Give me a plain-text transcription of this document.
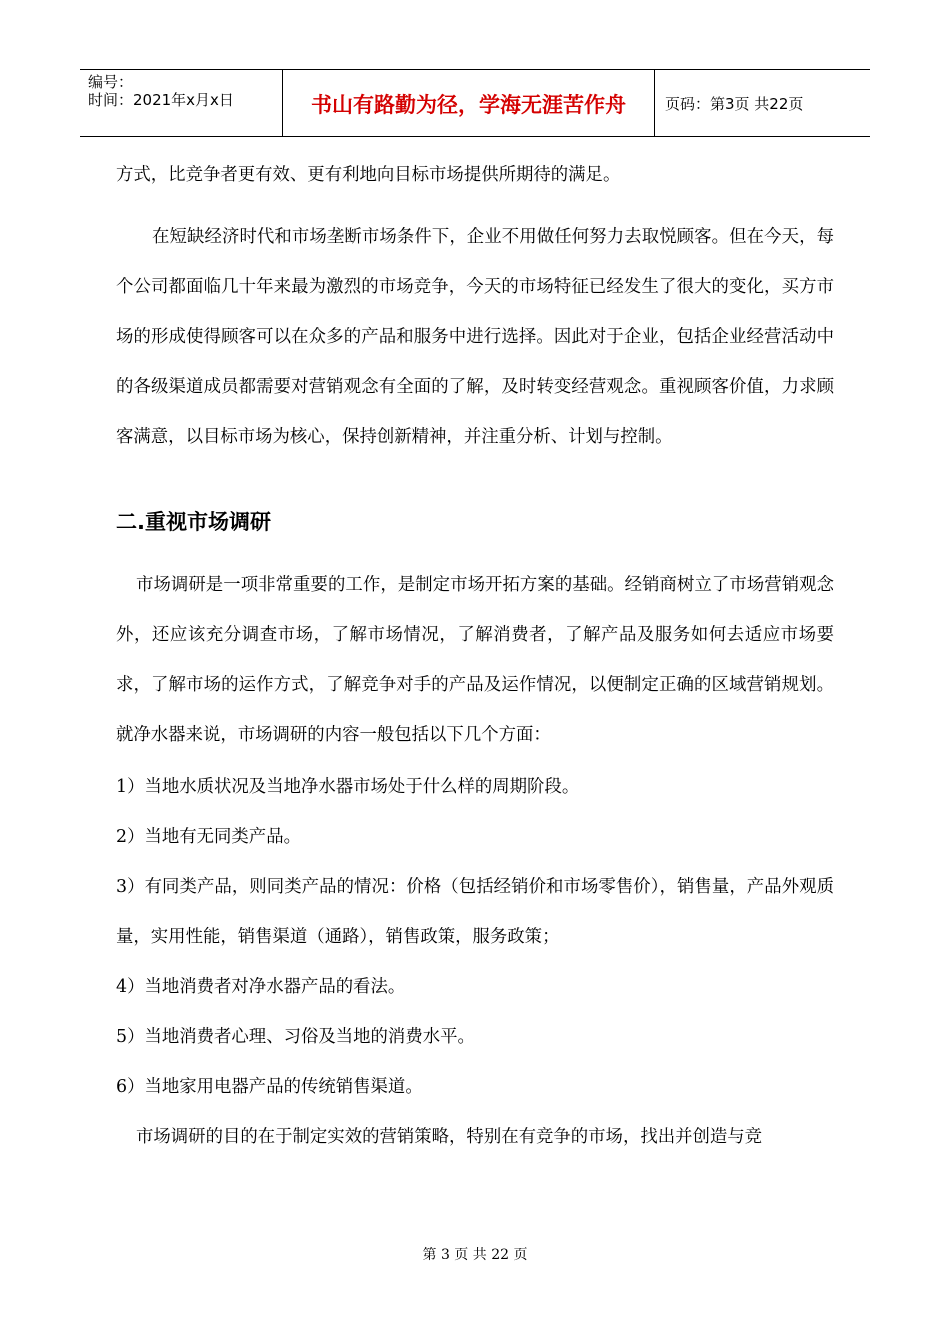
编号：
时间：2021年x月x日	书山有路勤为径，学海无涯苦作舟	页码：第3页 共22页

方式，比竞争者更有效、更有利地向目标市场提供所期待的满足。

在短缺经济时代和市场垄断市场条件下，企业不用做任何努力去取悦顾客。但在今天，每个公司都面临几十年来最为激烈的市场竞争，今天的市场特征已经发生了很大的变化，买方市场的形成使得顾客可以在众多的产品和服务中进行选择。因此对于企业，包括企业经营活动中的各级渠道成员都需要对营销观念有全面的了解，及时转变经营观念。重视顾客价值，力求顾客满意，以目标市场为核心，保持创新精神，并注重分析、计划与控制。

二.重视市场调研

市场调研是一项非常重要的工作，是制定市场开拓方案的基础。经销商树立了市场营销观念外，还应该充分调查市场，了解市场情况，了解消费者，了解产品及服务如何去适应市场要求，了解市场的运作方式，了解竞争对手的产品及运作情况，以便制定正确的区域营销规划。就净水器来说，市场调研的内容一般包括以下几个方面：

1）当地水质状况及当地净水器市场处于什么样的周期阶段。

2）当地有无同类产品。

3）有同类产品，则同类产品的情况：价格（包括经销价和市场零售价），销售量，产品外观质量，实用性能，销售渠道（通路），销售政策，服务政策；

4）当地消费者对净水器产品的看法。

5）当地消费者心理、习俗及当地的消费水平。

6）当地家用电器产品的传统销售渠道。

市场调研的目的在于制定实效的营销策略，特别在有竞争的市场，找出并创造与竞

第 3 页 共 22 页
